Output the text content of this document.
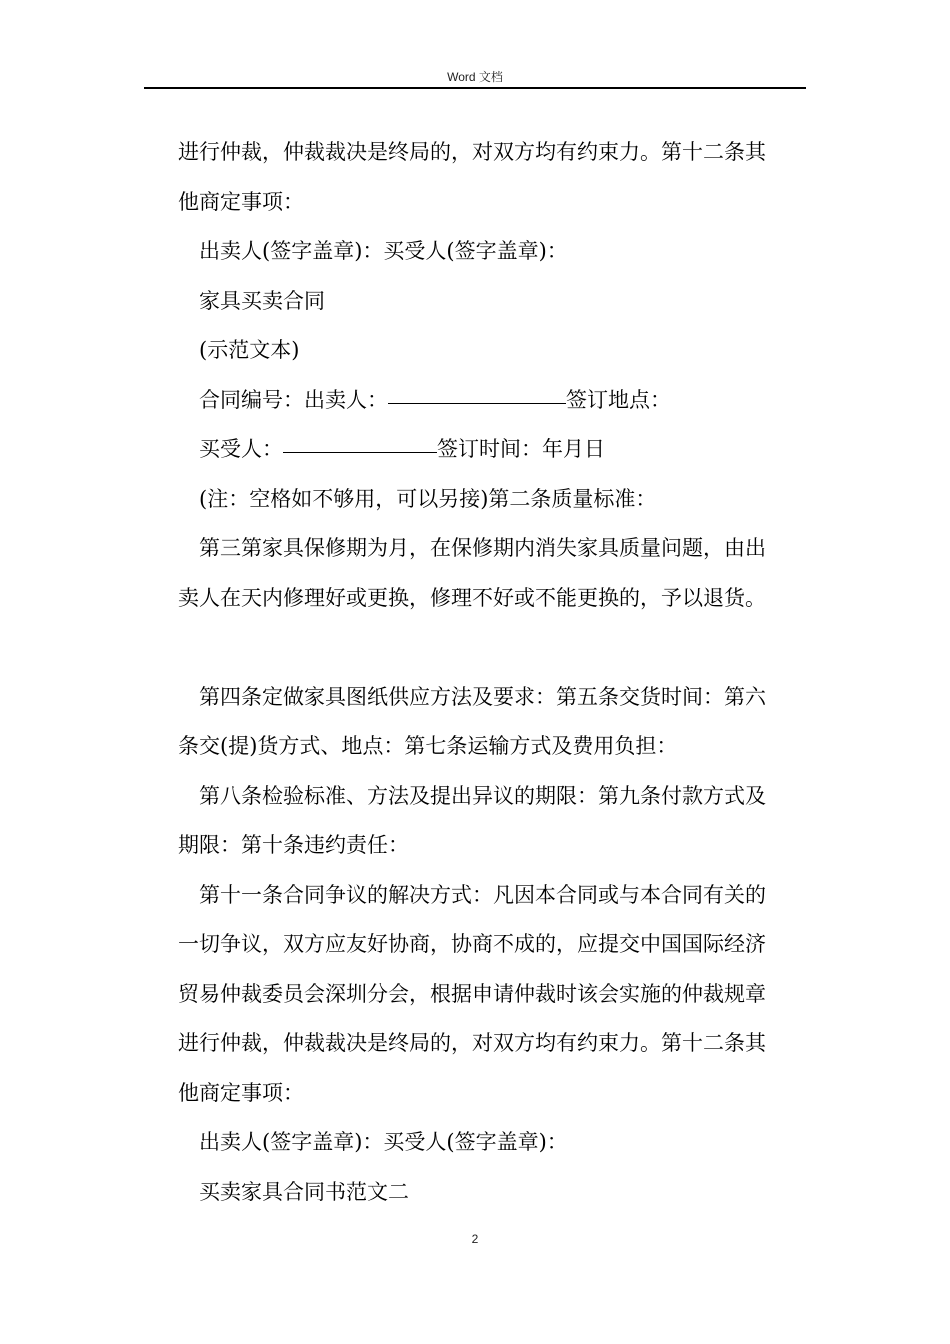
Word 文档
进行仲裁，仲裁裁决是终局的，对双方均有约束力。第十二条其
他商定事项：
出卖人(签字盖章)：买受人(签字盖章)：
家具买卖合同
(示范文本)
合同编号：出卖人：	签订地点：
买受人：	签订时间：年月日
(注：空格如不够用，可以另接)第二条质量标准：
第三第家具保修期为月，在保修期内消失家具质量问题，由出
卖人在天内修理好或更换，修理不好或不能更换的，予以退货。
第四条定做家具图纸供应方法及要求：第五条交货时间：第六
条交(提)货方式、地点：第七条运输方式及费用负担：
第八条检验标准、方法及提出异议的期限：第九条付款方式及
期限：第十条违约责任：
第十一条合同争议的解决方式：凡因本合同或与本合同有关的
一切争议，双方应友好协商，协商不成的，应提交中国国际经济
贸易仲裁委员会深圳分会，根据申请仲裁时该会实施的仲裁规章
进行仲裁，仲裁裁决是终局的，对双方均有约束力。第十二条其
他商定事项：
出卖人(签字盖章)：买受人(签字盖章)：
买卖家具合同书范文二
2
